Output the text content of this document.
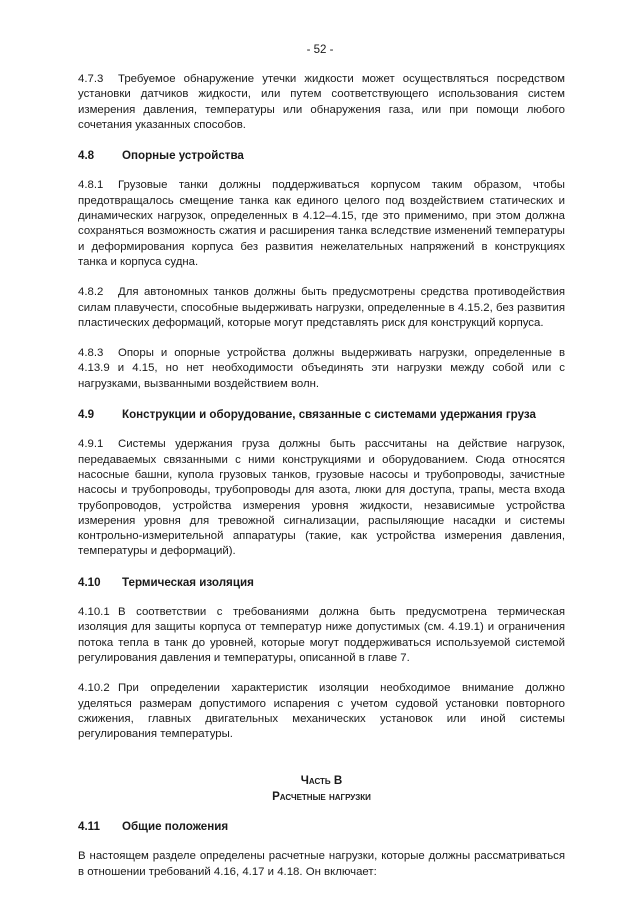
- 52 -

4.7.3 Требуемое обнаружение утечки жидкости может осуществляться посредством установки датчиков жидкости, или путем соответствующего использования систем измерения давления, температуры или обнаружения газа, или при помощи любого сочетания указанных способов.

4.8 Опорные устройства

4.8.1 Грузовые танки должны поддерживаться корпусом таким образом, чтобы предотвращалось смещение танка как единого целого под воздействием статических и динамических нагрузок, определенных в 4.12–4.15, где это применимо, при этом должна сохраняться возможность сжатия и расширения танка вследствие изменений температуры и деформирования корпуса без развития нежелательных напряжений в конструкциях танка и корпуса судна.

4.8.2 Для автономных танков должны быть предусмотрены средства противодействия силам плавучести, способные выдерживать нагрузки, определенные в 4.15.2, без развития пластических деформаций, которые могут представлять риск для конструкций корпуса.

4.8.3 Опоры и опорные устройства должны выдерживать нагрузки, определенные в 4.13.9 и 4.15, но нет необходимости объединять эти нагрузки между собой или с нагрузками, вызванными воздействием волн.

4.9 Конструкции и оборудование, связанные с системами удержания груза

4.9.1 Системы удержания груза должны быть рассчитаны на действие нагрузок, передаваемых связанными с ними конструкциями и оборудованием. Сюда относятся насосные башни, купола грузовых танков, грузовые насосы и трубопроводы, зачистные насосы и трубопроводы, трубопроводы для азота, люки для доступа, трапы, места входа трубопроводов, устройства измерения уровня жидкости, независимые устройства измерения уровня для тревожной сигнализации, распыляющие насадки и системы контрольно-измерительной аппаратуры (такие, как устройства измерения давления, температуры и деформаций).

4.10 Термическая изоляция

4.10.1 В соответствии с требованиями должна быть предусмотрена термическая изоляция для защиты корпуса от температур ниже допустимых (см. 4.19.1) и ограничения потока тепла в танк до уровней, которые могут поддерживаться используемой системой регулирования давления и температуры, описанной в главе 7.

4.10.2 При определении характеристик изоляции необходимое внимание должно уделяться размерам допустимого испарения с учетом судовой установки повторного сжижения, главных двигательных механических установок или иной системы регулирования температуры.

Часть B
Расчетные нагрузки
4.11 Общие положения

В настоящем разделе определены расчетные нагрузки, которые должны рассматриваться в отношении требований 4.16, 4.17 и 4.18. Он включает:
